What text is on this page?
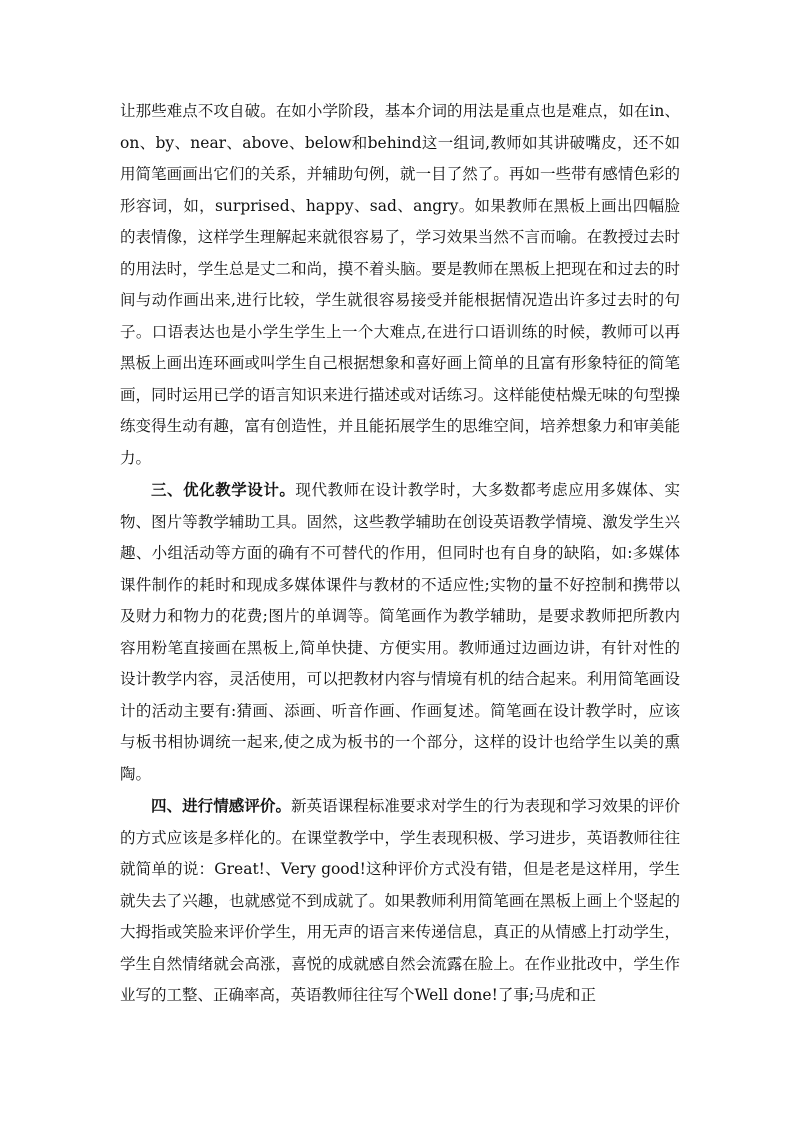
让那些难点不攻自破。在如小学阶段，基本介词的用法是重点也是难点，如在in、on、by、near、above、below和behind这一组词,教师如其讲破嘴皮，还不如用简笔画画出它们的关系，并辅助句例，就一目了然了。再如一些带有感情色彩的形容词，如，surprised、happy、sad、angry。如果教师在黑板上画出四幅脸的表情像，这样学生理解起来就很容易了，学习效果当然不言而喻。在教授过去时的用法时，学生总是丈二和尚，摸不着头脑。要是教师在黑板上把现在和过去的时间与动作画出来,进行比较，学生就很容易接受并能根据情况造出许多过去时的句子。口语表达也是小学生学生上一个大难点,在进行口语训练的时候，教师可以再黑板上画出连环画或叫学生自己根据想象和喜好画上简单的且富有形象特征的简笔画，同时运用已学的语言知识来进行描述或对话练习。这样能使枯燥无味的句型操练变得生动有趣，富有创造性，并且能拓展学生的思维空间，培养想象力和审美能力。

三、优化教学设计。现代教师在设计教学时，大多数都考虑应用多媒体、实物、图片等教学辅助工具。固然，这些教学辅助在创设英语教学情境、激发学生兴趣、小组活动等方面的确有不可替代的作用，但同时也有自身的缺陷，如:多媒体课件制作的耗时和现成多媒体课件与教材的不适应性;实物的量不好控制和携带以及财力和物力的花费;图片的单调等。简笔画作为教学辅助，是要求教师把所教内容用粉笔直接画在黑板上,简单快捷、方便实用。教师通过边画边讲，有针对性的设计教学内容，灵活使用，可以把教材内容与情境有机的结合起来。利用简笔画设计的活动主要有:猜画、添画、听音作画、作画复述。简笔画在设计教学时，应该与板书相协调统一起来,使之成为板书的一个部分，这样的设计也给学生以美的熏陶。

四、进行情感评价。新英语课程标准要求对学生的行为表现和学习效果的评价的方式应该是多样化的。在课堂教学中，学生表现积极、学习进步，英语教师往往就简单的说：Great!、Very good!这种评价方式没有错，但是老是这样用，学生就失去了兴趣，也就感觉不到成就了。如果教师利用简笔画在黑板上画上个竖起的大拇指或笑脸来评价学生，用无声的语言来传递信息，真正的从情感上打动学生，学生自然情绪就会高涨，喜悦的成就感自然会流露在脸上。在作业批改中，学生作业写的工整、正确率高，英语教师往往写个Well done!了事;马虎和正
